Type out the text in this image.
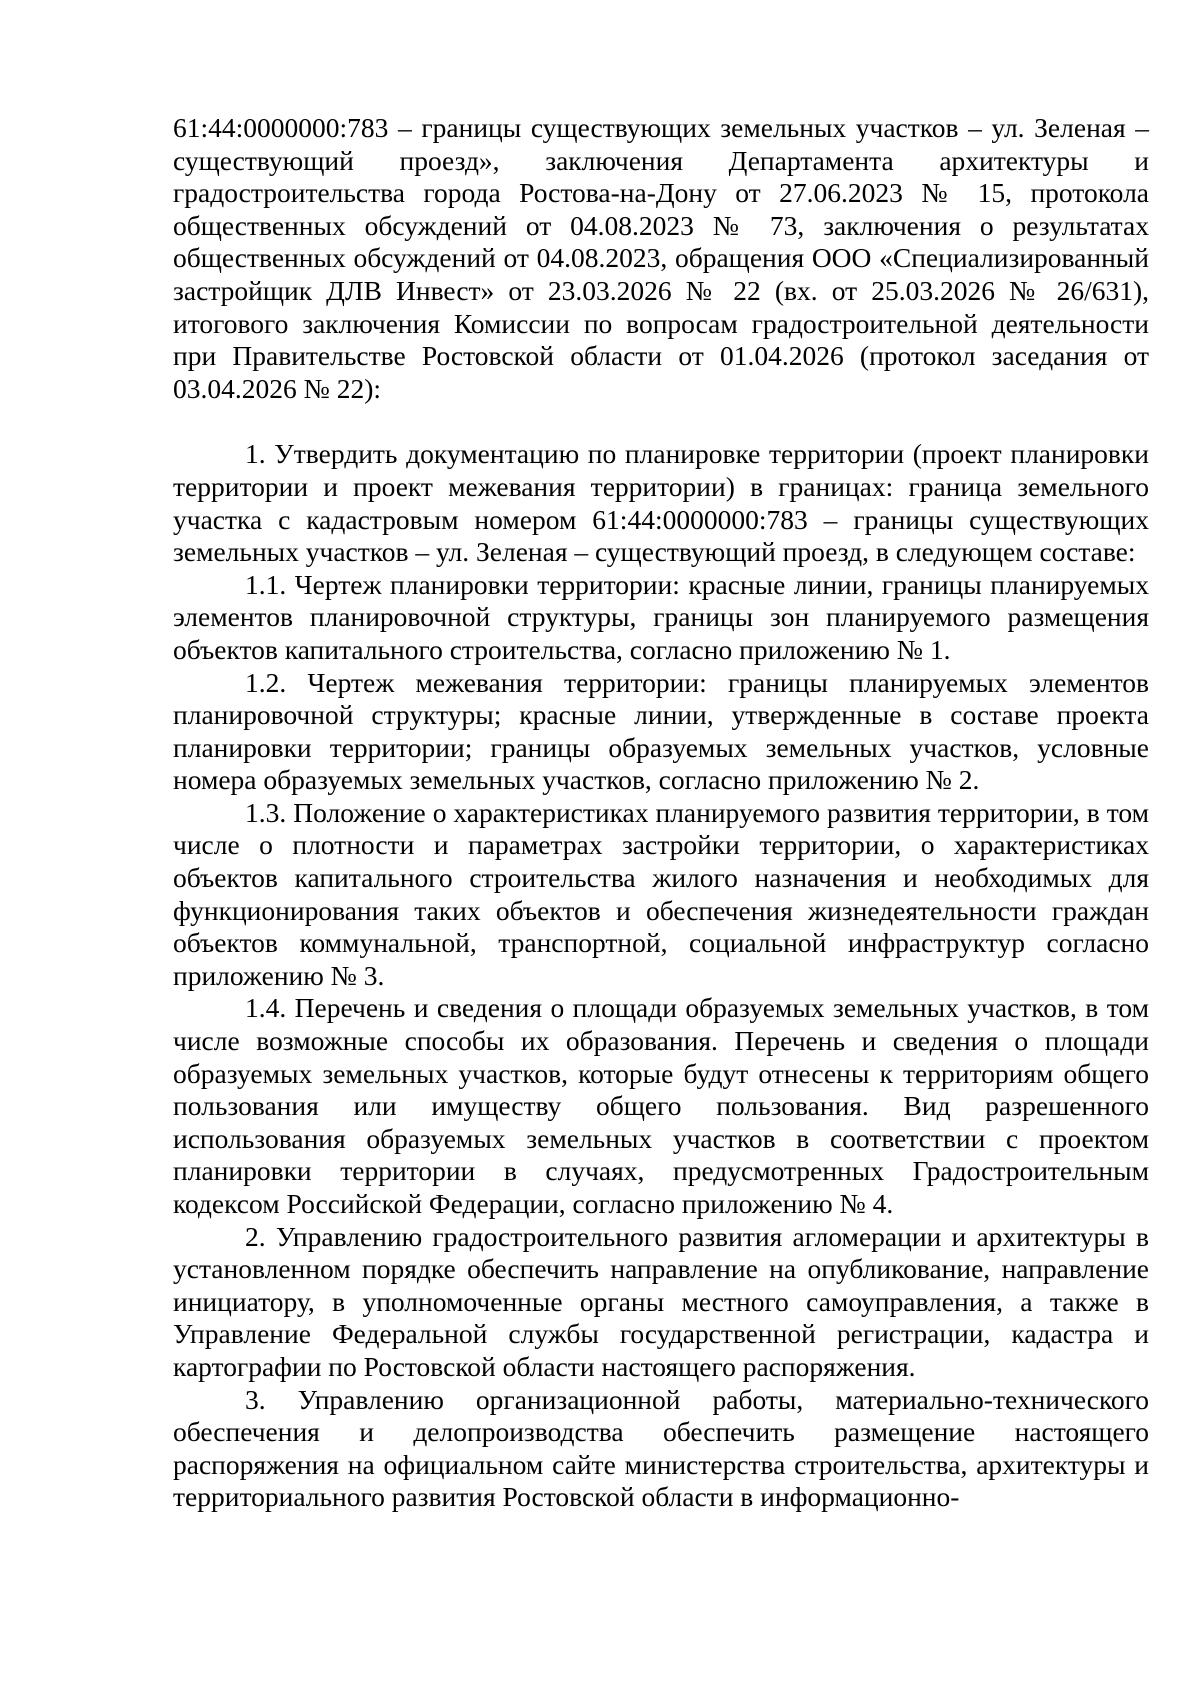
61:44:0000000:783 – границы существующих земельных участков – ул. Зеленая – существующий проезд», заключения Департамента архитектуры и градостроительства города Ростова-на-Дону от 27.06.2023 № 15, протокола общественных обсуждений от 04.08.2023 № 73, заключения о результатах общественных обсуждений от 04.08.2023, обращения ООО «Специализированный застройщик ДЛВ Инвест» от 23.03.2026 № 22 (вх. от 25.03.2026 № 26/631), итогового заключения Комиссии по вопросам градостроительной деятельности при Правительстве Ростовской области от 01.04.2026 (протокол заседания от 03.04.2026 № 22):

1. Утвердить документацию по планировке территории (проект планировки территории и проект межевания территории) в границах: граница земельного участка с кадастровым номером 61:44:0000000:783 – границы существующих земельных участков – ул. Зеленая – существующий проезд, в следующем составе:

1.1. Чертеж планировки территории: красные линии, границы планируемых элементов планировочной структуры, границы зон планируемого размещения объектов капитального строительства, согласно приложению № 1.

1.2. Чертеж межевания территории: границы планируемых элементов планировочной структуры; красные линии, утвержденные в составе проекта планировки территории; границы образуемых земельных участков, условные номера образуемых земельных участков, согласно приложению № 2.

1.3. Положение о характеристиках планируемого развития территории, в том числе о плотности и параметрах застройки территории, о характеристиках объектов капитального строительства жилого назначения и необходимых для функционирования таких объектов и обеспечения жизнедеятельности граждан объектов коммунальной, транспортной, социальной инфраструктур согласно приложению № 3.

1.4. Перечень и сведения о площади образуемых земельных участков, в том числе возможные способы их образования. Перечень и сведения о площади образуемых земельных участков, которые будут отнесены к территориям общего пользования или имуществу общего пользования. Вид разрешенного использования образуемых земельных участков в соответствии с проектом планировки территории в случаях, предусмотренных Градостроительным кодексом Российской Федерации, согласно приложению № 4.

2. Управлению градостроительного развития агломерации и архитектуры в установленном порядке обеспечить направление на опубликование, направление инициатору, в уполномоченные органы местного самоуправления, а также в Управление Федеральной службы государственной регистрации, кадастра и картографии по Ростовской области настоящего распоряжения.

3. Управлению организационной работы, материально-технического обеспечения и делопроизводства обеспечить размещение настоящего распоряжения на официальном сайте министерства строительства, архитектуры и территориального развития Ростовской области в информационно-
